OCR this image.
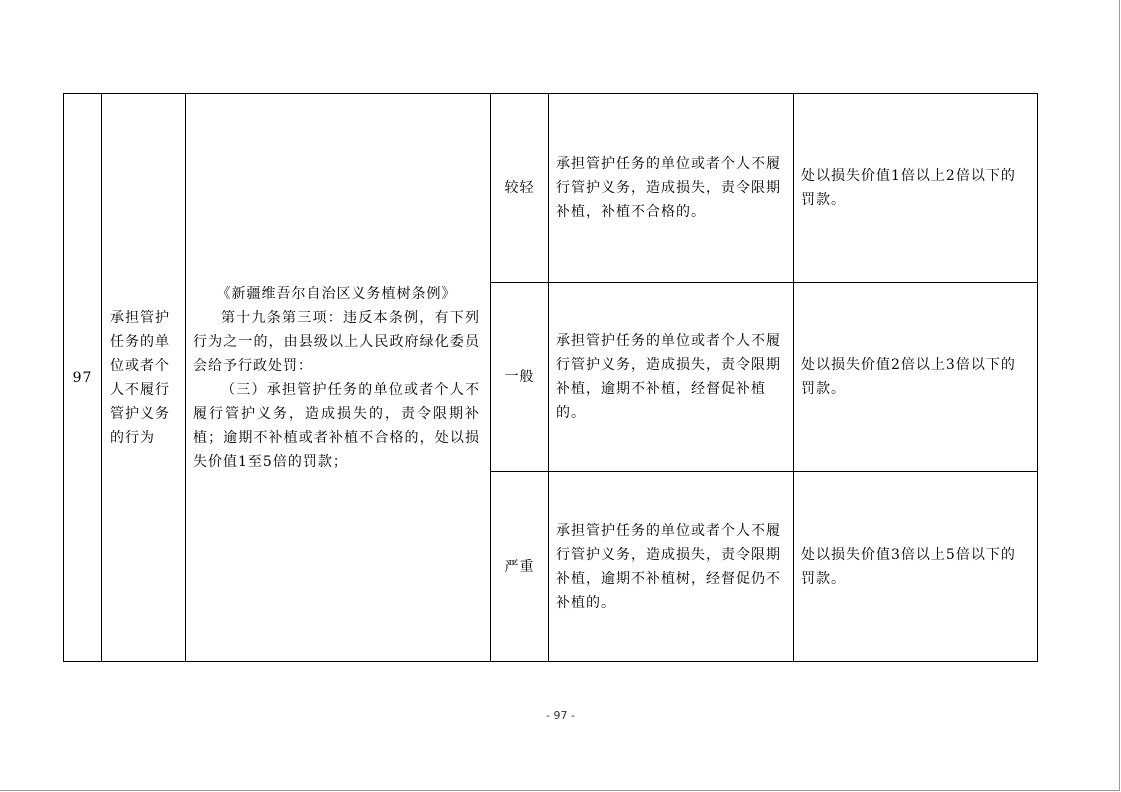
97	承担管护任务的单位或者个人不履行管护义务的行为	《新疆维吾尔自治区义务植树条例》

第十九条第三项：违反本条例，有下列行为之一的，由县级以上人民政府绿化委员会给予行政处罚：

（三）承担管护任务的单位或者个人不履行管护义务，造成损失的，责令限期补植；逾期不补植或者补植不合格的，处以损失价值1至5倍的罚款；	较轻	承担管护任务的单位或者个人不履行管护义务，造成损失，责令限期补植，补植不合格的。	处以损失价值1倍以上2倍以下的罚款。

			一般	承担管护任务的单位或者个人不履行管护义务，造成损失，责令限期补植，逾期不补植，经督促补植的。	处以损失价值2倍以上3倍以下的罚款。

			严重	承担管护任务的单位或者个人不履行管护义务，造成损失，责令限期补植，逾期不补植树，经督促仍不补植的。	处以损失价值3倍以上5倍以下的罚款。
- 97 -
